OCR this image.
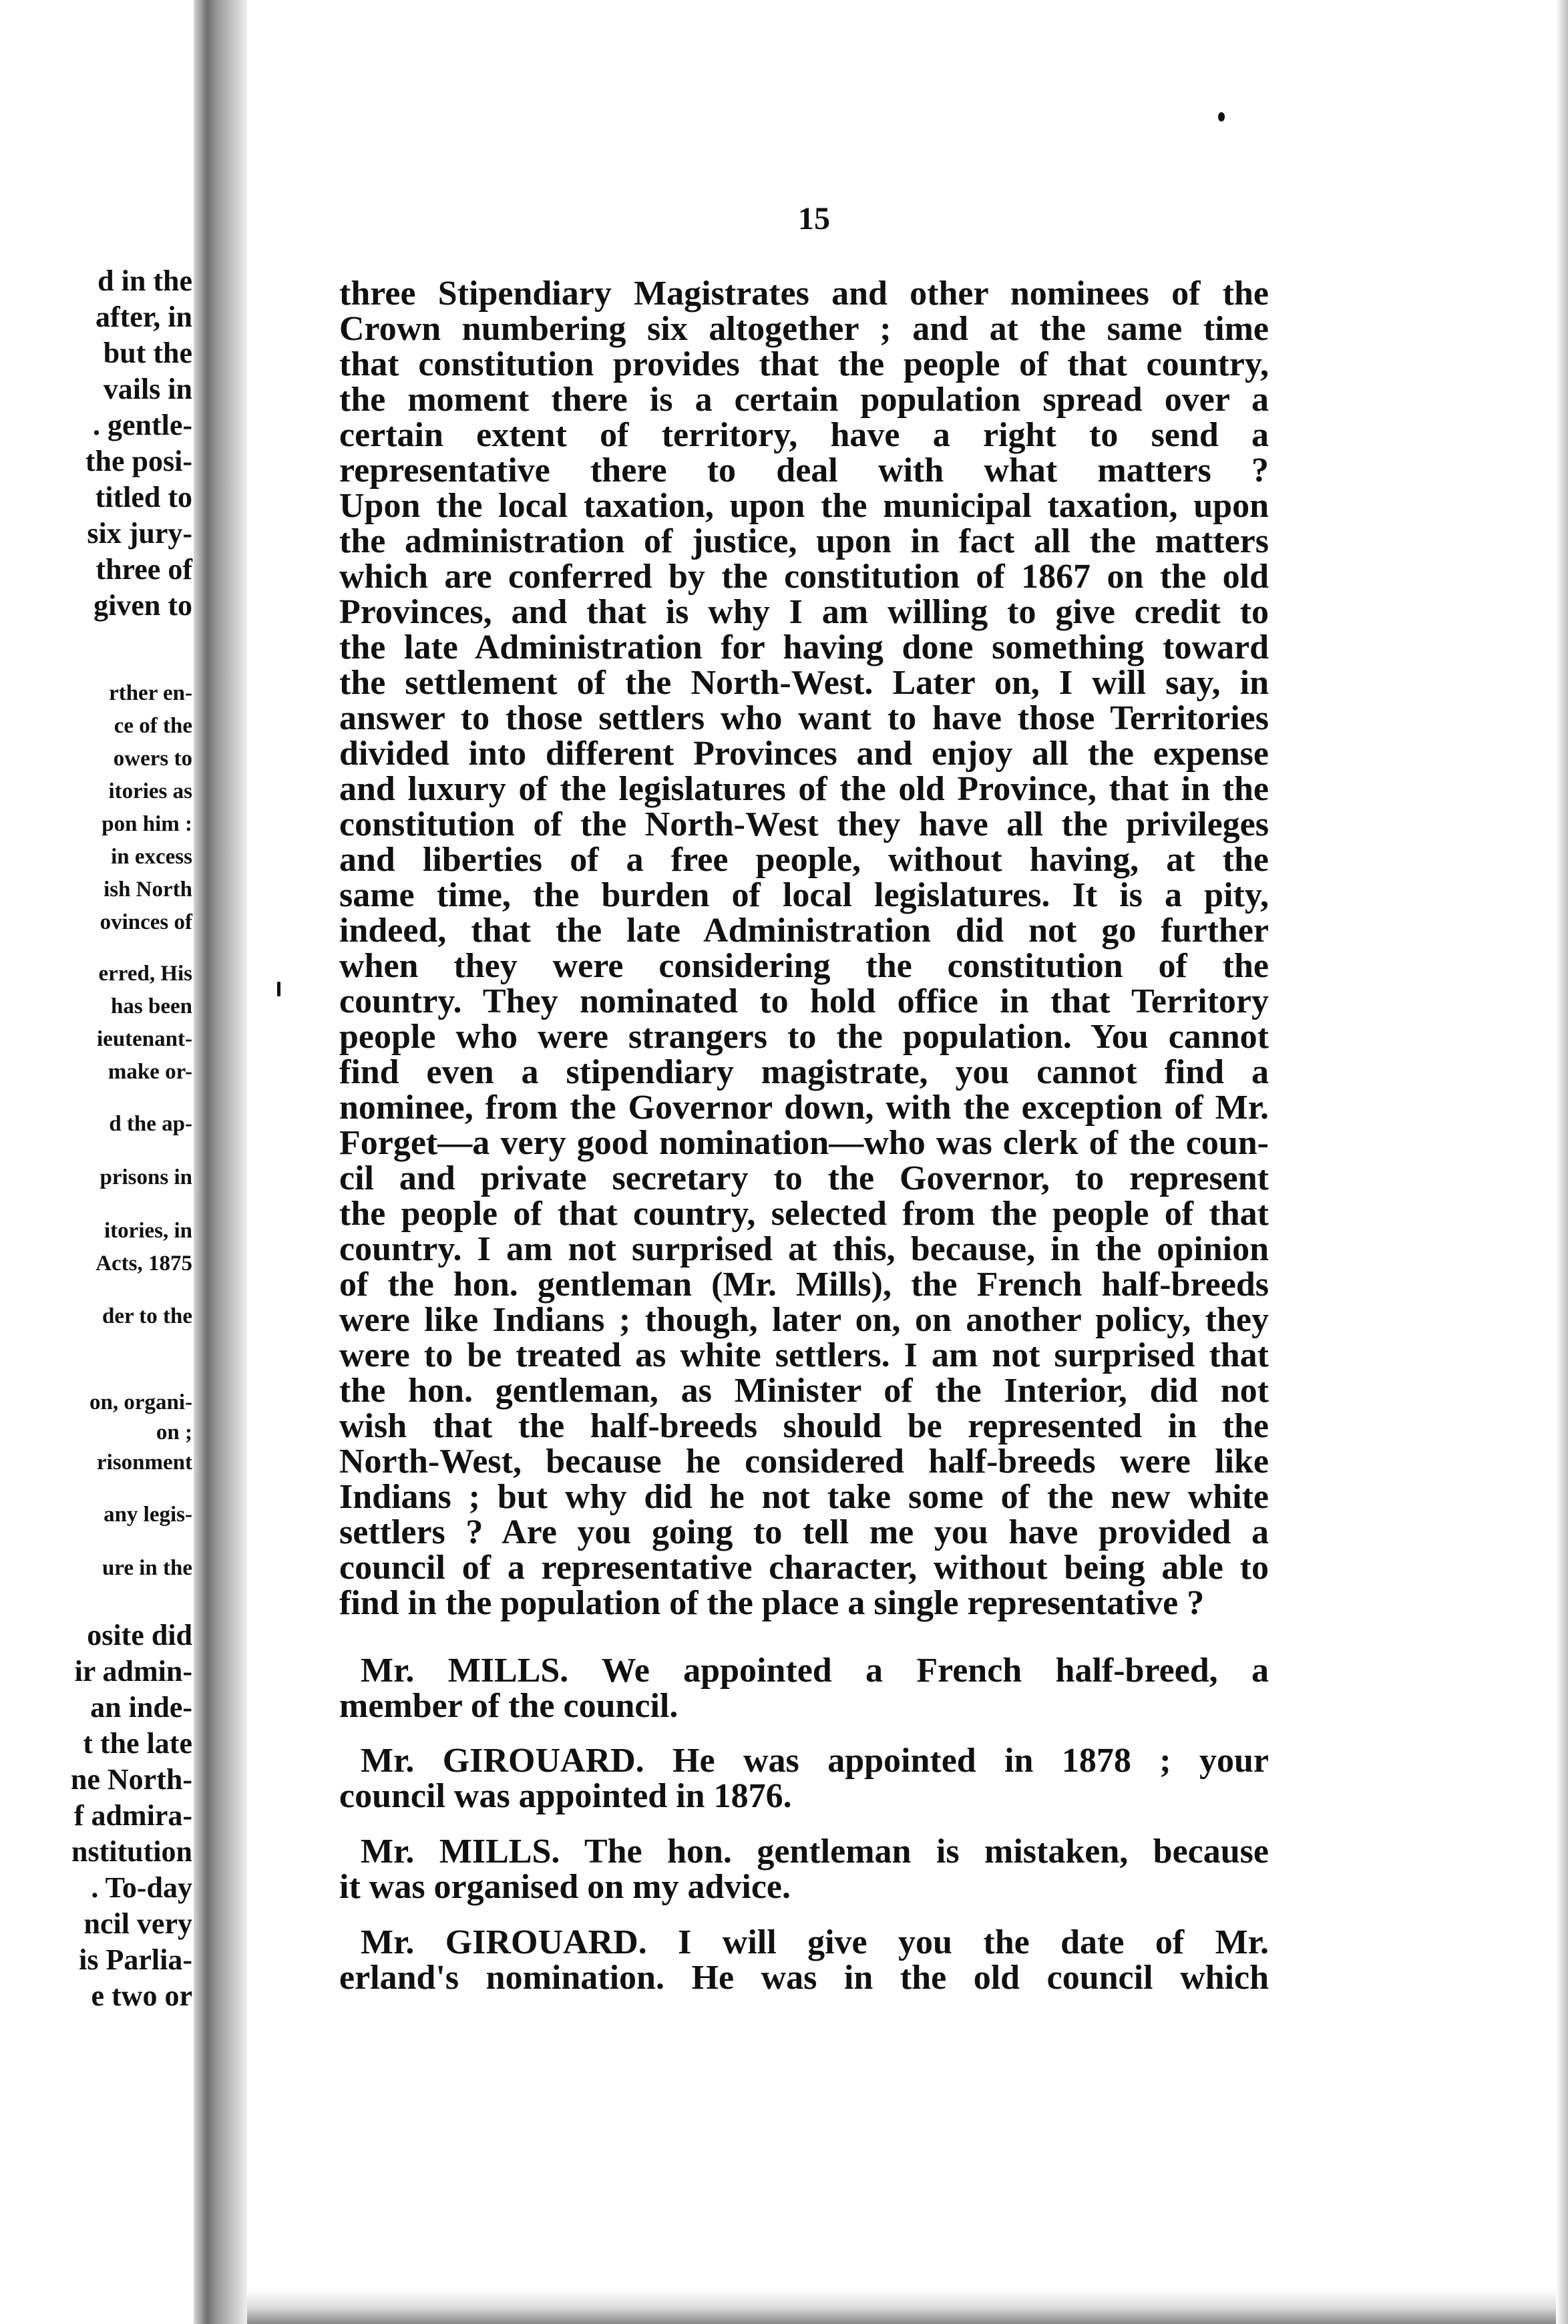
d in the

after, in

but the

vails in

. gentle-

the posi-

titled to

six jury-

three of

given to

rther en-

ce of the

owers to

itories as

pon him :

in excess

ish North

ovinces of

erred, His

has been

ieutenant-

make or-

d the ap-

prisons in

itories, in

Acts, 1875

der to the

on, organi-

on ;

risonment

any legis-

ure in the

osite did

ir admin-

an inde-

t the late

ne North-

f admira-

nstitution

. To-day

ncil very

is Parlia-

e two or

15

three Stipendiary Magistrates and other nominees of the

Crown numbering six altogether ; and at the same time

that constitution provides that the people of that country,

the moment there is a certain population spread over a

certain extent of territory, have a right to send a

representative there to deal with what matters ?

Upon the local taxation, upon the municipal taxation, upon

the administration of justice, upon in fact all the matters

which are conferred by the constitution of 1867 on the old

Provinces, and that is why I am willing to give credit to

the late Administration for having done something toward

the settlement of the North-West. Later on, I will say, in

answer to those settlers who want to have those Territories

divided into different Provinces and enjoy all the expense

and luxury of the legislatures of the old Province, that in the

constitution of the North-West they have all the privileges

and liberties of a free people, without having, at the

same time, the burden of local legislatures. It is a pity,

indeed, that the late Administration did not go further

when they were considering the constitution of the

country. They nominated to hold office in that Territory

people who were strangers to the population. You cannot

find even a stipendiary magistrate, you cannot find a

nominee, from the Governor down, with the exception of Mr.

Forget—a very good nomination—who was clerk of the coun-

cil and private secretary to the Governor, to represent

the people of that country, selected from the people of that

country. I am not surprised at this, because, in the opinion

of the hon. gentleman (Mr. Mills), the French half-breeds

were like Indians ; though, later on, on another policy, they

were to be treated as white settlers. I am not surprised that

the hon. gentleman, as Minister of the Interior, did not

wish that the half-breeds should be represented in the

North-West, because he considered half-breeds were like

Indians ; but why did he not take some of the new white

settlers ? Are you going to tell me you have provided a

council of a representative character, without being able to

find in the population of the place a single representative ?

Mr. MILLS. We appointed a French half-breed, a

member of the council.

Mr. GIROUARD. He was appointed in 1878 ; your

council was appointed in 1876.

Mr. MILLS. The hon. gentleman is mistaken, because

it was organised on my advice.

Mr. GIROUARD. I will give you the date of Mr.

erland's nomination. He was in the old council which
